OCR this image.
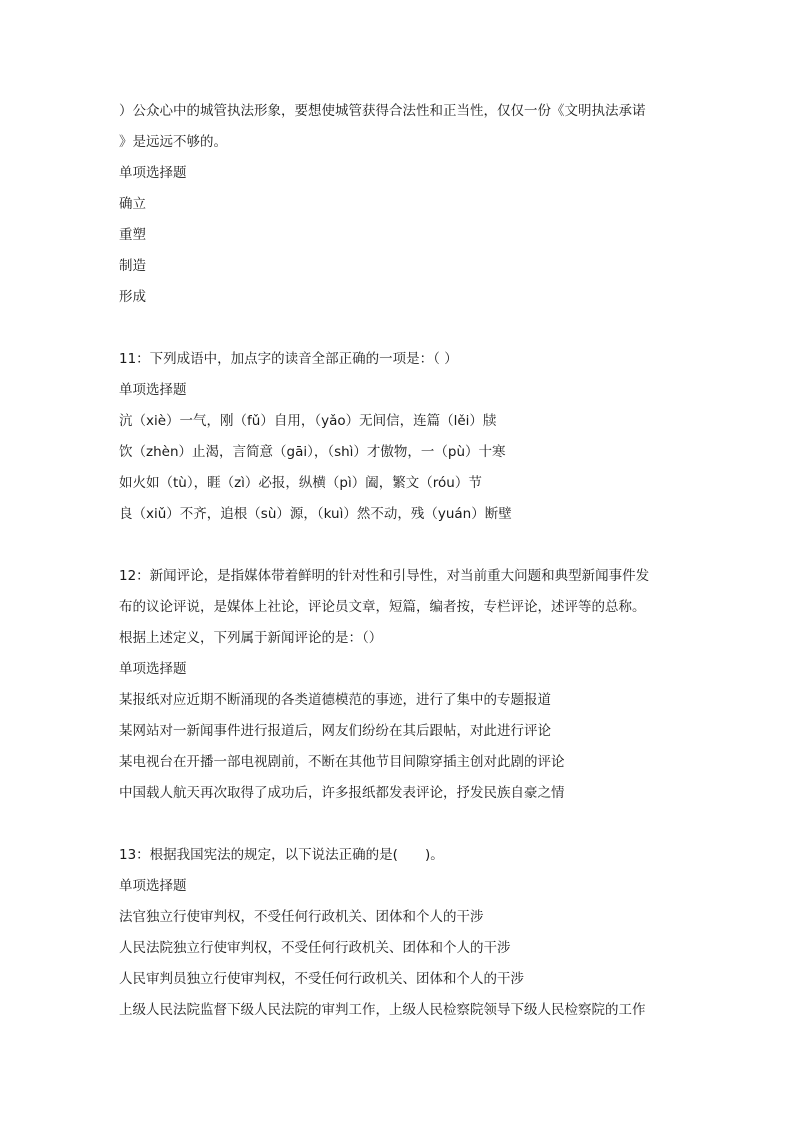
）公众心中的城管执法形象，要想使城管获得合法性和正当性，仅仅一份《文明执法承诺
》是远远不够的。
单项选择题
确立
重塑
制造
形成
11：下列成语中，加点字的读音全部正确的一项是：（ ）
单项选择题
沆（xiè）一气，刚（fǔ）自用，（yǎo）无间信，连篇（lěi）牍
饮（zhèn）止渴，言简意（gāi），（shì）才傲物，一（pù）十寒
如火如（tù），睚（zì）必报，纵横（pì）阖，繁文（róu）节
良（xiǔ）不齐，追根（sù）源，（kuì）然不动，残（yuán）断壁
12：新闻评论，是指媒体带着鲜明的针对性和引导性，对当前重大问题和典型新闻事件发
布的议论评说，是媒体上社论，评论员文章，短篇，编者按，专栏评论，述评等的总称。
根据上述定义，下列属于新闻评论的是：（）
单项选择题
某报纸对应近期不断涌现的各类道德模范的事迹，进行了集中的专题报道
某网站对一新闻事件进行报道后，网友们纷纷在其后跟帖，对此进行评论
某电视台在开播一部电视剧前，不断在其他节目间隙穿插主创对此剧的评论
中国载人航天再次取得了成功后，许多报纸都发表评论，抒发民族自豪之情
13：根据我国宪法的规定，以下说法正确的是(　　)。
单项选择题
法官独立行使审判权，不受任何行政机关、团体和个人的干涉
人民法院独立行使审判权，不受任何行政机关、团体和个人的干涉
人民审判员独立行使审判权，不受任何行政机关、团体和个人的干涉
上级人民法院监督下级人民法院的审判工作，上级人民检察院领导下级人民检察院的工作
